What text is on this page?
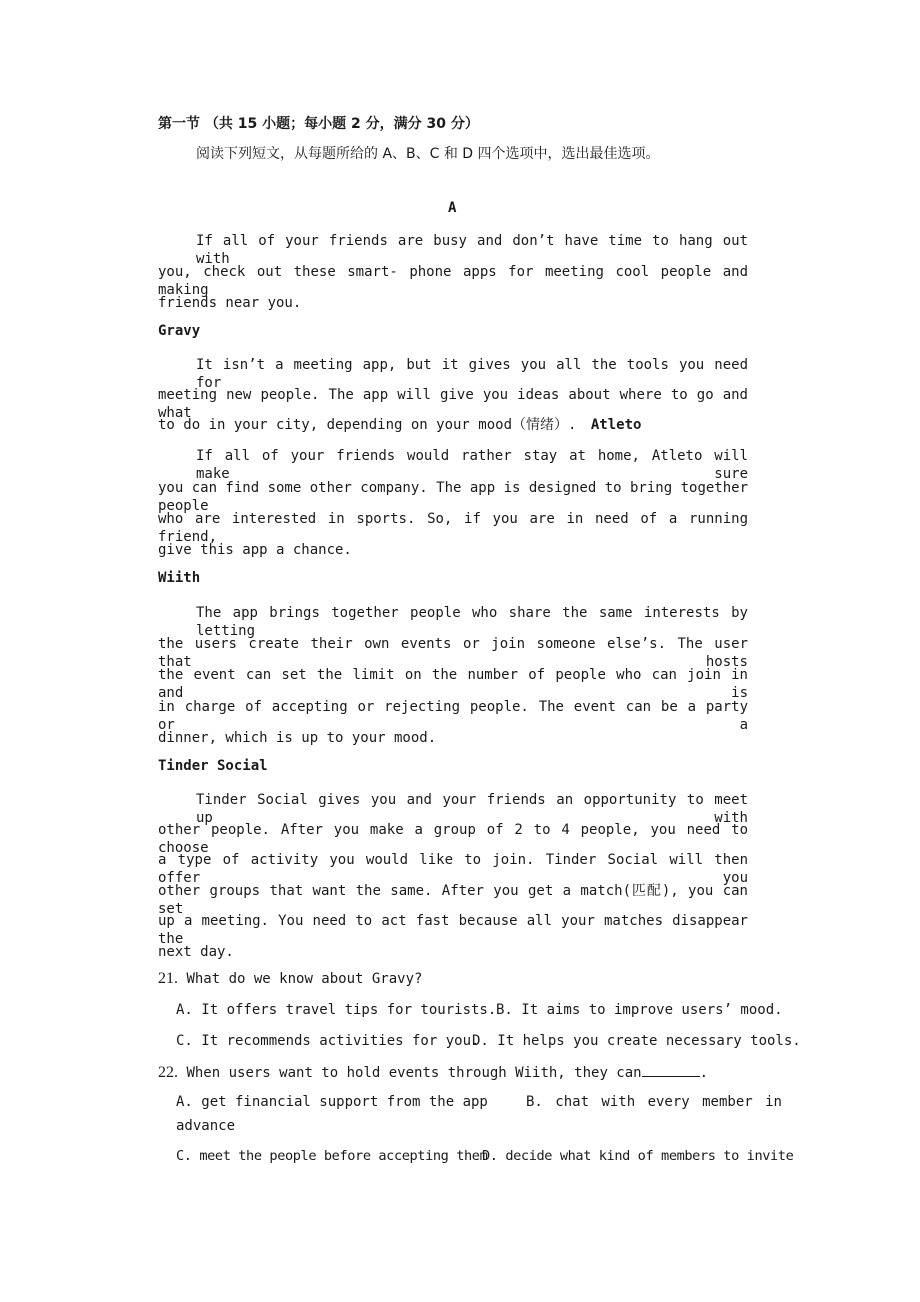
第一节 （共 15 小题；每小题 2 分，满分 30 分）
阅读下列短文，从每题所给的 A、B、C 和 D 四个选项中，选出最佳选项。
A
If all of your friends are busy and don’t have time to hang out with
you, check out these smart- phone apps for meeting cool people and making
friends near you.
Gravy
It isn’t a meeting app, but it gives you all the tools you need for
meeting new people. The app will give you ideas about where to go and what
to do in your city, depending on your mood（情绪）. Atleto
If all of your friends would rather stay at home, Atleto will make sure
you can find some other company. The app is designed to bring together people
who are interested in sports. So, if you are in need of a running friend,
give this app a chance.
Wiith
The app brings together people who share the same interests by letting
the users create their own events or join someone else’s. The user that hosts
the event can set the limit on the number of people who can join in and is
in charge of accepting or rejecting people. The event can be a party or a
dinner, which is up to your mood.
Tinder Social
Tinder Social gives you and your friends an opportunity to meet up with
other people. After you make a group of 2 to 4 people, you need to choose
a type of activity you would like to join. Tinder Social will then offer you
other groups that want the same. After you get a match(匹配), you can set
up a meeting. You need to act fast because all your matches disappear the
next day.
21. What do we know about Gravy?
A. It offers travel tips for tourists. B. It aims to improve users’ mood.
C. It recommends activities for you.
D. It helps you create necessary tools.
22. When users want to hold events through Wiith, they can	.
A. get financial support from the app	B. chat with every member in
advance
C. meet the people before accepting them
D. decide what kind of members to invite
